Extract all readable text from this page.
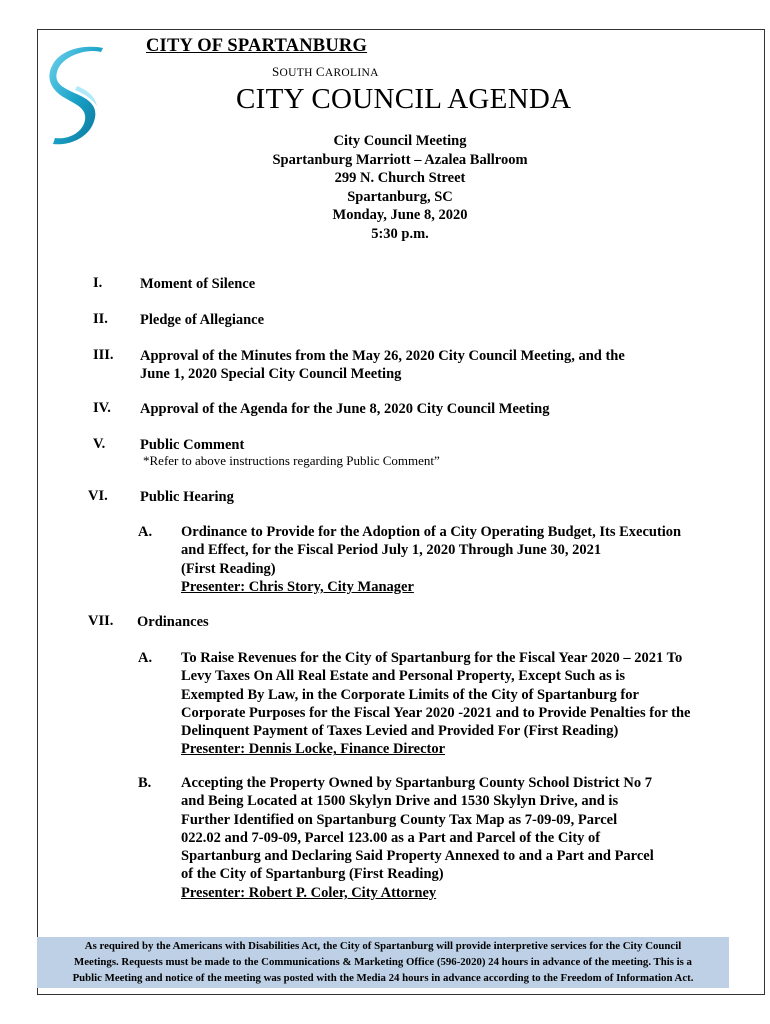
CITY OF SPARTANBURG
SOUTH CAROLINA
CITY COUNCIL AGENDA
City Council Meeting
Spartanburg Marriott – Azalea Ballroom
299 N. Church Street
Spartanburg, SC
Monday, June 8, 2020
5:30 p.m.
I.	Moment of Silence
II. Pledge of Allegiance
III. Approval of the Minutes from the May 26, 2020 City Council Meeting, and the
June 1, 2020 Special City Council Meeting
IV. Approval of the Agenda for the June 8, 2020 City Council Meeting
V. Public Comment
*Refer to above instructions regarding Public Comment”
VI. Public Hearing
A. Ordinance to Provide for the Adoption of a City Operating Budget, Its Execution
and Effect, for the Fiscal Period July 1, 2020 Through June 30, 2021
(First Reading)
Presenter: Chris Story, City Manager
VII. Ordinances
A. To Raise Revenues for the City of Spartanburg for the Fiscal Year 2020 – 2021 To
Levy Taxes On All Real Estate and Personal Property, Except Such as is
Exempted By Law, in the Corporate Limits of the City of Spartanburg for
Corporate Purposes for the Fiscal Year 2020 -2021 and to Provide Penalties for the
Delinquent Payment of Taxes Levied and Provided For (First Reading)
Presenter: Dennis Locke, Finance Director
B. Accepting the Property Owned by Spartanburg County School District No 7
and Being Located at 1500 Skylyn Drive and 1530 Skylyn Drive, and is
Further Identified on Spartanburg County Tax Map as 7-09-09, Parcel
022.02 and 7-09-09, Parcel 123.00 as a Part and Parcel of the City of
Spartanburg and Declaring Said Property Annexed to and a Part and Parcel
of the City of Spartanburg (First Reading)
Presenter: Robert P. Coler, City Attorney
As required by the Americans with Disabilities Act, the City of Spartanburg will provide interpretive services for the City Council
Meetings. Requests must be made to the Communications & Marketing Office (596-2020) 24 hours in advance of the meeting. This is a
Public Meeting and notice of the meeting was posted with the Media 24 hours in advance according to the Freedom of Information Act.
